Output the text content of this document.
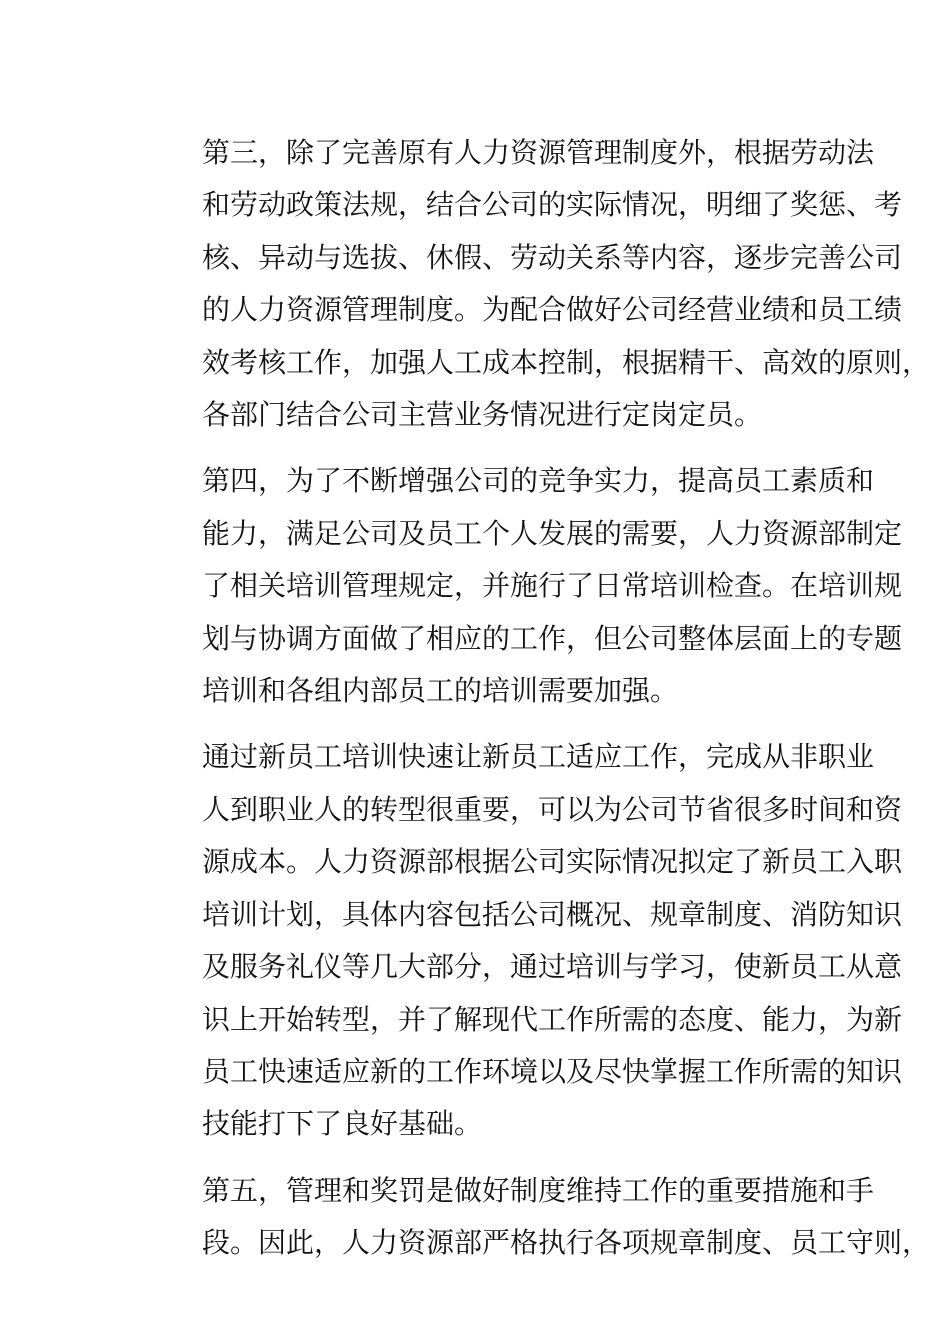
第三，除了完善原有人力资源管理制度外，根据劳动法
和劳动政策法规，结合公司的实际情况，明细了奖惩、考
核、异动与选拔、休假、劳动关系等内容，逐步完善公司
的人力资源管理制度。为配合做好公司经营业绩和员工绩
效考核工作，加强人工成本控制，根据精干、高效的原则，
各部门结合公司主营业务情况进行定岗定员。

第四，为了不断增强公司的竞争实力，提高员工素质和
能力，满足公司及员工个人发展的需要，人力资源部制定
了相关培训管理规定，并施行了日常培训检查。在培训规
划与协调方面做了相应的工作，但公司整体层面上的专题
培训和各组内部员工的培训需要加强。

通过新员工培训快速让新员工适应工作，完成从非职业
人到职业人的转型很重要，可以为公司节省很多时间和资
源成本。人力资源部根据公司实际情况拟定了新员工入职
培训计划，具体内容包括公司概况、规章制度、消防知识
及服务礼仪等几大部分，通过培训与学习，使新员工从意
识上开始转型，并了解现代工作所需的态度、能力，为新
员工快速适应新的工作环境以及尽快掌握工作所需的知识
技能打下了良好基础。

第五，管理和奖罚是做好制度维持工作的重要措施和手
段。因此，人力资源部严格执行各项规章制度、员工守则，
